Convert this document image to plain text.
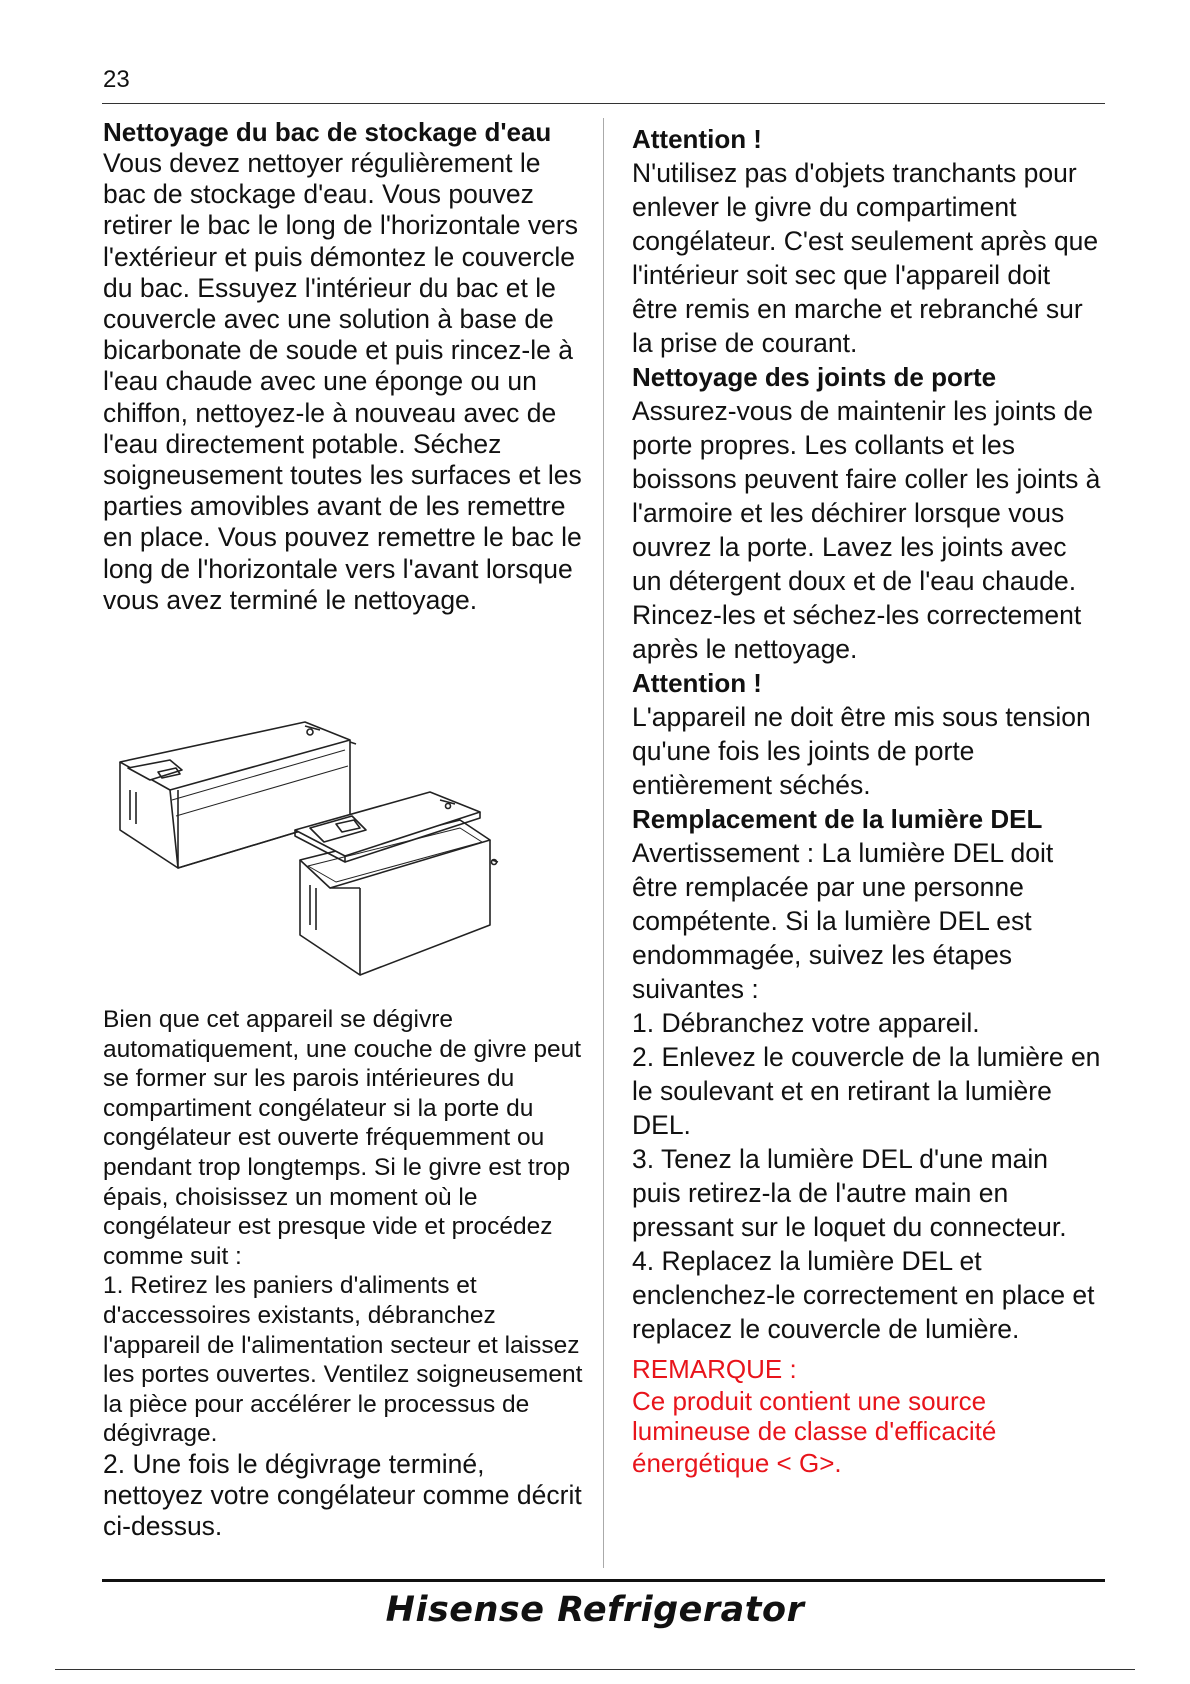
23

Nettoyage du bac de stockage d'eau

Vous devez nettoyer régulièrement le bac de stockage d'eau. Vous pouvez retirer le bac le long de l'horizontale vers l'extérieur et puis démontez le couvercle du bac. Essuyez l'intérieur du bac et le couvercle avec une solution à base de bicarbonate de soude et puis rincez-le à l'eau chaude avec une éponge ou un chiffon, nettoyez-le à nouveau avec de l'eau directement potable. Séchez soigneusement toutes les surfaces et les parties amovibles avant de les remettre en place. Vous pouvez remettre le bac le long de l'horizontale vers l'avant lorsque vous avez terminé le nettoyage.

Bien que cet appareil se dégivre automatiquement, une couche de givre peut se former sur les parois intérieures du compartiment congélateur si la porte du congélateur est ouverte fréquemment ou pendant trop longtemps. Si le givre est trop épais, choisissez un moment où le congélateur est presque vide et procédez comme suit :

1. Retirez les paniers d'aliments et d'accessoires existants, débranchez l'appareil de l'alimentation secteur et laissez les portes ouvertes. Ventilez soigneusement la pièce pour accélérer le processus de dégivrage.

2. Une fois le dégivrage terminé, nettoyez votre congélateur comme décrit ci-dessus.

Attention !

N'utilisez pas d'objets tranchants pour enlever le givre du compartiment congélateur. C'est seulement après que l'intérieur soit sec que l'appareil doit être remis en marche et rebranché sur la prise de courant.

Nettoyage des joints de porte

Assurez-vous de maintenir les joints de porte propres. Les collants et les boissons peuvent faire coller les joints à l'armoire et les déchirer lorsque vous ouvrez la porte. Lavez les joints avec un détergent doux et de l'eau chaude. Rincez-les et séchez-les correctement après le nettoyage.

Attention !

L'appareil ne doit être mis sous tension qu'une fois les joints de porte entièrement séchés.

Remplacement de la lumière DEL

Avertissement : La lumière DEL doit être remplacée par une personne compétente. Si la lumière DEL est endommagée, suivez les étapes suivantes :

1. Débranchez votre appareil.

2. Enlevez le couvercle de la lumière en le soulevant et en retirant la lumière DEL.

3. Tenez la lumière DEL d'une main puis retirez-la de l'autre main en pressant sur le loquet du connecteur.

4. Replacez la lumière DEL et enclenchez-le correctement en place et replacez le couvercle de lumière.

REMARQUE :

Ce produit contient une source

lumineuse de classe d'efficacité

énergétique < G>.

Hisense Refrigerator
